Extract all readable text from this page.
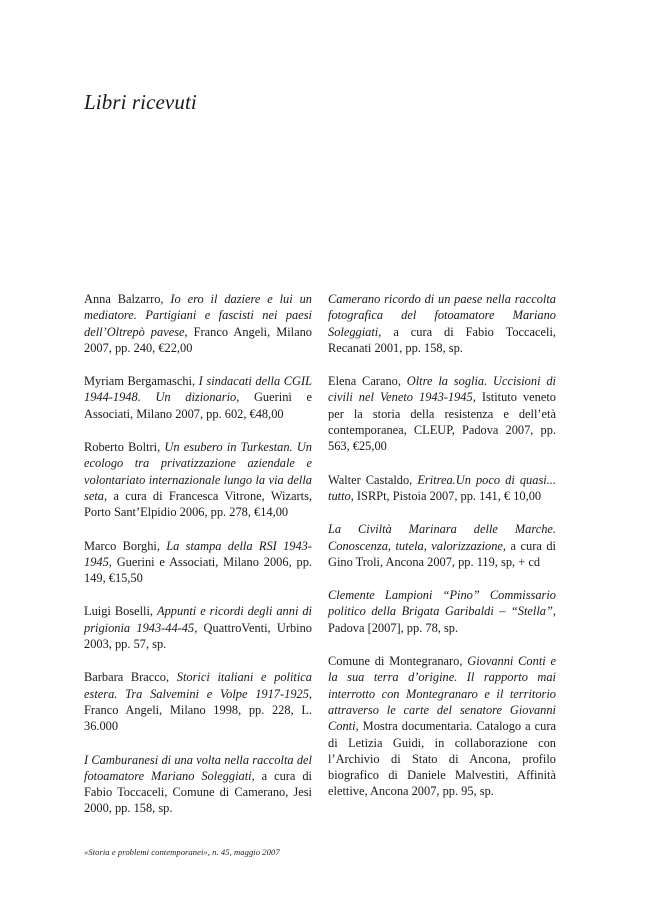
Libri ricevuti

Anna Balzarro, Io ero il daziere e lui un mediatore. Partigiani e fascisti nei paesi dell’Oltrepò pavese, Franco Angeli, Milano 2007, pp. 240, €22,00

Myriam Bergamaschi, I sindacati della CGIL 1944-1948. Un dizionario, Guerini e Associati, Milano 2007, pp. 602, €48,00

Roberto Boltri, Un esubero in Turkestan. Un ecologo tra privatizzazione aziendale e volontariato internazionale lungo la via della seta, a cura di Francesca Vitrone, Wizarts, Porto Sant’Elpidio 2006, pp. 278, €14,00

Marco Borghi, La stampa della RSI 1943-1945, Guerini e Associati, Milano 2006, pp. 149, €15,50

Luigi Boselli, Appunti e ricordi degli anni di prigionia 1943-44-45, QuattroVenti, Urbino 2003, pp. 57, sp.

Barbara Bracco, Storici italiani e politica estera. Tra Salvemini e Volpe 1917-1925, Franco Angeli, Milano 1998, pp. 228, L. 36.000

I Camburanesi di una volta nella raccolta del fotoamatore Mariano Soleggiati, a cura di Fabio Toccaceli, Comune di Camerano, Jesi 2000, pp. 158, sp.

Camerano ricordo di un paese nella raccolta fotografica del fotoamatore Mariano Soleggiati, a cura di Fabio Toccaceli, Recanati 2001, pp. 158, sp.

Elena Carano, Oltre la soglia. Uccisioni di civili nel Veneto 1943-1945, Istituto veneto per la storia della resistenza e dell’età contemporanea, CLEUP, Padova 2007, pp. 563, €25,00

Walter Castaldo, Eritrea.Un poco di quasi... tutto, ISRPt, Pistoia 2007, pp. 141, € 10,00

La Civiltà Marinara delle Marche. Conoscenza, tutela, valorizzazione, a cura di Gino Troli, Ancona 2007, pp. 119, sp, + cd

Clemente Lampioni “Pino” Commissario politico della Brigata Garibaldi – “Stella”, Padova [2007], pp. 78, sp.

Comune di Montegranaro, Giovanni Conti e la sua terra d’origine. Il rapporto mai interrotto con Montegranaro e il territorio attraverso le carte del senatore Giovanni Conti, Mostra documentaria. Catalogo a cura di Letizia Guidi, in collaborazione con l’Archivio di Stato di Ancona, profilo biografico di Daniele Malvestiti, Affinità elettive, Ancona 2007, pp. 95, sp.

«Storia e problemi contemporanei», n. 45, maggio 2007
